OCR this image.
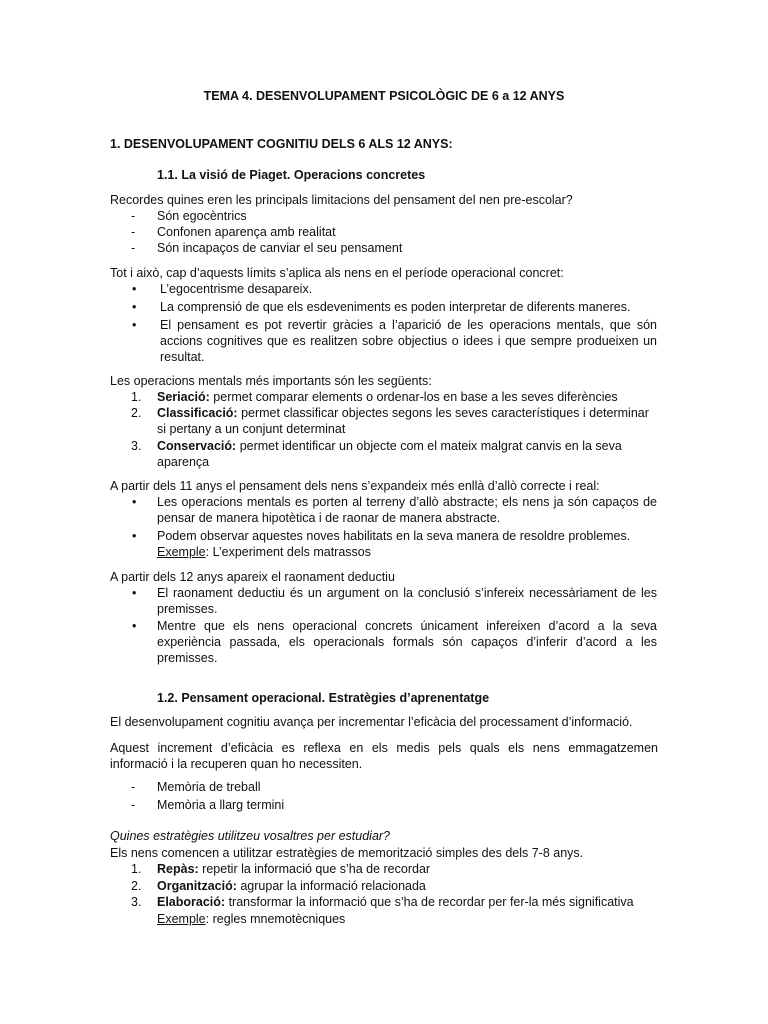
TEMA 4. DESENVOLUPAMENT PSICOLÒGIC DE 6 a 12 ANYS
1. DESENVOLUPAMENT COGNITIU DELS 6 ALS 12 ANYS:
1.1. La visió de Piaget. Operacions concretes
Recordes quines eren les principals limitacions del pensament del nen pre-escolar?
- Són egocèntrics
- Confonen aparença amb realitat
- Són incapaços de canviar el seu pensament
Tot i això, cap d’aquests límits s’aplica als nens en el període operacional concret:
• L’egocentrisme desapareix.
• La comprensió de que els esdeveniments es poden interpretar de diferents maneres.
• El pensament es pot revertir gràcies a l’aparició de les operacions mentals, que són
accions cognitives que es realitzen sobre objectius o idees i que sempre produeixen un
resultat.
Les operacions mentals més importants són les següents:
1. Seriació: permet comparar elements o ordenar-los en base a les seves diferències
2. Classificació: permet classificar objectes segons les seves característiques i determinar
si pertany a un conjunt determinat
3. Conservació: permet identificar un objecte com el mateix malgrat canvis en la seva
aparença
A partir dels 11 anys el pensament dels nens s’expandeix més enllà d’allò correcte i real:
• Les operacions mentals es porten al terreny d’allò abstracte; els nens ja són capaços de
pensar de manera hipotètica i de raonar de manera abstracte.
• Podem observar aquestes noves habilitats en la seva manera de resoldre problemes.
Exemple: L’experiment dels matrassos
A partir dels 12 anys apareix el raonament deductiu
• El raonament deductiu és un argument on la conclusió s’infereix necessàriament de les
premisses.
• Mentre que els nens operacional concrets únicament infereixen d’acord a la seva
experiència passada, els operacionals formals són capaços d’inferir d’acord a les
premisses.
1.2. Pensament operacional. Estratègies d’aprenentatge
El desenvolupament cognitiu avança per incrementar l’eficàcia del processament d’informació.
Aquest increment d’eficàcia es reflexa en els medis pels quals els nens emmagatzemen
informació i la recuperen quan ho necessiten.
- Memòria de treball
- Memòria a llarg termini
Quines estratègies utilitzeu vosaltres per estudiar?
Els nens comencen a utilitzar estratègies de memorització simples des dels 7-8 anys.
1. Repàs: repetir la informació que s’ha de recordar
2. Organització: agrupar la informació relacionada
3. Elaboració: transformar la informació que s’ha de recordar per fer-la més significativa
Exemple: regles mnemotècniques
